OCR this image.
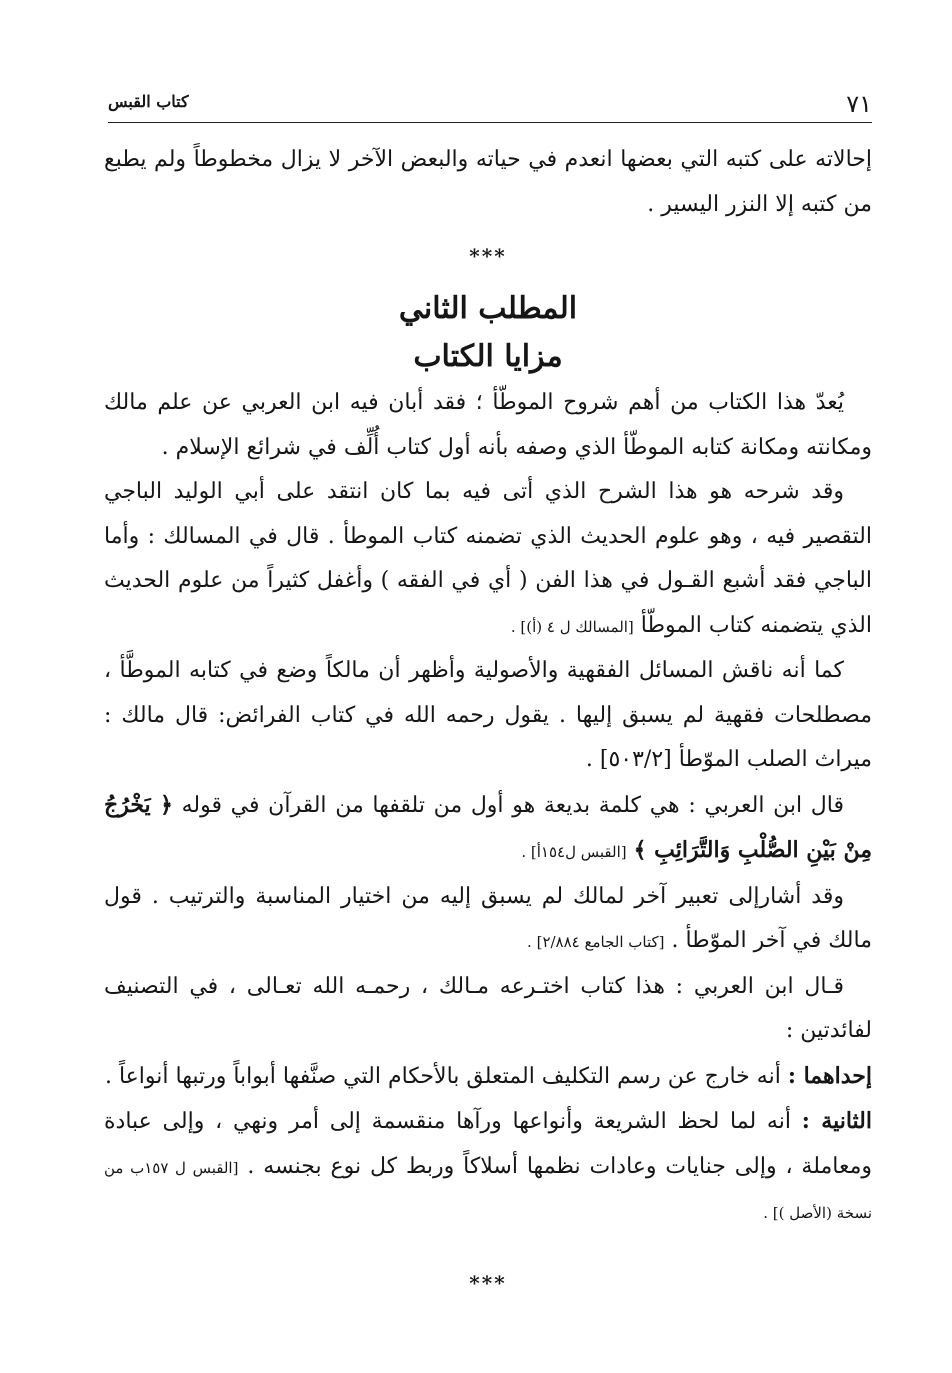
٧١
كتاب القبس

إحالاته على كتبه التي بعضها انعدم في حياته والبعض الآخر لا يزال مخطوطاً ولم يطبع من كتبه إلا النزر اليسير .

***
المطلب الثاني
مزايا الكتاب

يُعدّ هذا الكتاب من أهم شروح الموطّأ ؛ فقد أبان فيه ابن العربي عن علم مالك ومكانته ومكانة كتابه الموطّأ الذي وصفه بأنه أول كتاب أُلِّف في شرائع الإسلام .

وقد شرحه هو هذا الشرح الذي أتى فيه بما كان انتقد على أبي الوليد الباجي التقصير فيه ، وهو علوم الحديث الذي تضمنه كتاب الموطأ . قال في المسالك : وأما الباجي فقد أشبع القـول في هذا الفن ( أي في الفقه ) وأغفل كثيراً من علوم الحديث الذي يتضمنه كتاب الموطّأ [المسالك ل ٤ (أ)] .

كما أنه ناقش المسائل الفقهية والأصولية وأظهر أن مالكاً وضع في كتابه الموطَّأ ، مصطلحات فقهية لم يسبق إليها . يقول رحمه الله في كتاب الفرائض: قال مالك : ميراث الصلب الموّطأ [٥٠٣/٢] .

قال ابن العربي : هي كلمة بديعة هو أول من تلقفها من القرآن في قوله ﴿ يَخْرُجُ مِنْ بَيْنِ الصُّلْبِ وَالتَّرَائِبِ ﴾ [القبس ل١٥٤أ] .

وقد أشارإلى تعبير آخر لمالك لم يسبق إليه من اختيار المناسبة والترتيب . قول مالك في آخر الموّطأ . [كتاب الجامع ٢/٨٨٤] .

قـال ابن العربي : هذا كتاب اختـرعه مـالك ، رحمـه الله تعـالى ، في التصنيف لفائدتين :

إحداهما : أنه خارج عن رسم التكليف المتعلق بالأحكام التي صنَّفها أبواباً ورتبها أنواعاً .

الثانية : أنه لما لحظ الشريعة وأنواعها ورآها منقسمة إلى أمر ونهي ، وإلى عبادة ومعاملة ، وإلى جنايات وعادات نظمها أسلاكاً وربط كل نوع بجنسه . [القبس ل ١٥٧ب من نسخة (الأصل )] .

***
